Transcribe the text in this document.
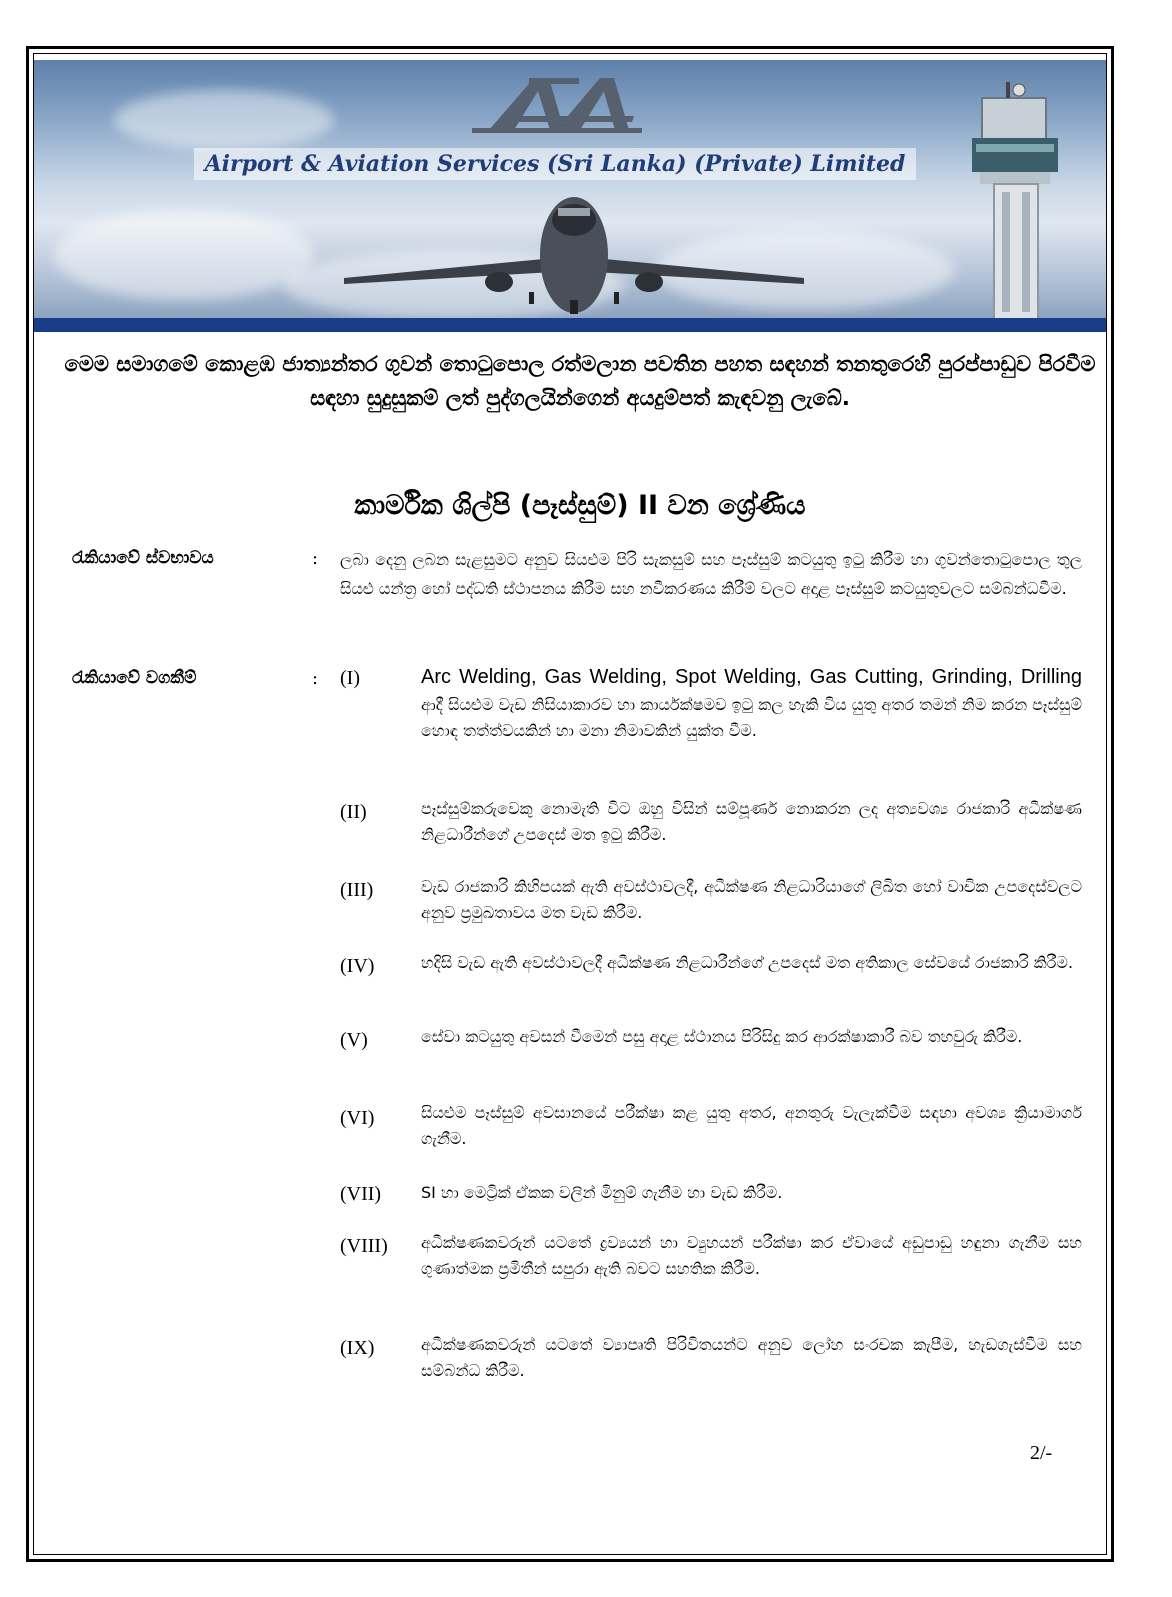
Airport & Aviation Services (Sri Lanka) (Private) Limited
මෙම සමාගමේ කොළඹ ජාත්‍යන්තර ගුවන් තොටුපොල රත්මලාන පවතින පහත සඳහන් තනතුරෙහි පුරප්පාඩුව පිරවීම සඳහා සුදුසුකම් ලත් පුද්ගලයින්ගෙන් අයදුම්පත් කැඳවනු ලැබේ.
කාර්මික ශිල්පි (පෑස්සුම්) II වන ශ්‍රේණිය
රැකියාවේ ස්වභාවය	: ලබා දෙනු ලබන සැළසුමට අනුව සියළුම පිරි සැකසුම් සහ පෑස්සුම් කටයුතු ඉටු කිරීම හා ගුවන්තොටුපොල තුල සියළු යන්ත්‍ර හෝ පද්ධති ස්ථාපනය කිරීම සහ නවීකරණය කිරීම් වලට අදාළ පෑස්සුම් කටයුතුවලට සම්බන්ධවීම.
රැකියාවේ වගකීම්	: (I)	Arc Welding, Gas Welding, Spot Welding, Gas Cutting, Grinding, Drilling ආදී සියළුම වැඩ නිසියාකාරව හා කාර්යක්ෂමව ඉටු කල හැකි විය යුතු අතර තමන් නිම කරන පෑස්සුම් හොඳ තත්ත්වයකින් හා මනා නිමාවකින් යුක්ත වීම.
(II)	පෑස්සුම්කරුවෙකු නොමැති විට ඔහු විසින් සම්පූර්ණ නොකරන ලද අත්‍යවශ්‍ය රාජකාරි අධීක්ෂණ නිළධාරීන්ගේ උපදෙස් මත ඉටු කිරීම.
(III)	වැඩ රාජකාරි කිහිපයක් ඇති අවස්ථාවලදී, අධීක්ෂණ නිළධාරියාගේ ලිඛිත හෝ වාචික උපදෙස්වලට අනුව ප්‍රමුඛතාවය මත වැඩ කිරීම.
(IV)	හදිසි වැඩ ඇති අවස්ථාවලදී අධීක්ෂණ නිළධාරීන්ගේ උපදෙස් මත අතිකාල සේවයේ රාජකාරි කිරීම.
(V)	සේවා කටයුතු අවසන් වීමෙන් පසු අදාළ ස්ථානය පිරිසිදු කර ආරක්ෂාකාරී බව තහවුරු කිරීම.
(VI)	සියළුම පෑස්සුම් අවසානයේ පරීක්ෂා කළ යුතු අතර, අනතුරු වැලැක්වීම සඳහා අවශ්‍ය ක්‍රියාමාර්ග ගැනීම.
(VII) SI හා මෙට්‍රික් ඒකක වලින් මිනුම් ගැනීම හා වැඩ කිරීම.
(VIII) අධීක්ෂණකවරුන් යටතේ ද්‍රව්‍යයන් හා ව්‍යුහයන් පරීක්ෂා කර ඒවායේ අඩුපාඩු හඳුනා ගැනීම සහ ගුණාත්මක ප්‍රමිතීන් සපුරා ඇති බවට සහතික කිරීම.
(IX)	අධීක්ෂණකවරුන් යටතේ ව්‍යාපෘති පිරිවිතයන්ට අනුව ලෝහ සංරචක කැපීම, හැඩගැස්වීම සහ සම්බන්ධ කිරීම.
2/-
